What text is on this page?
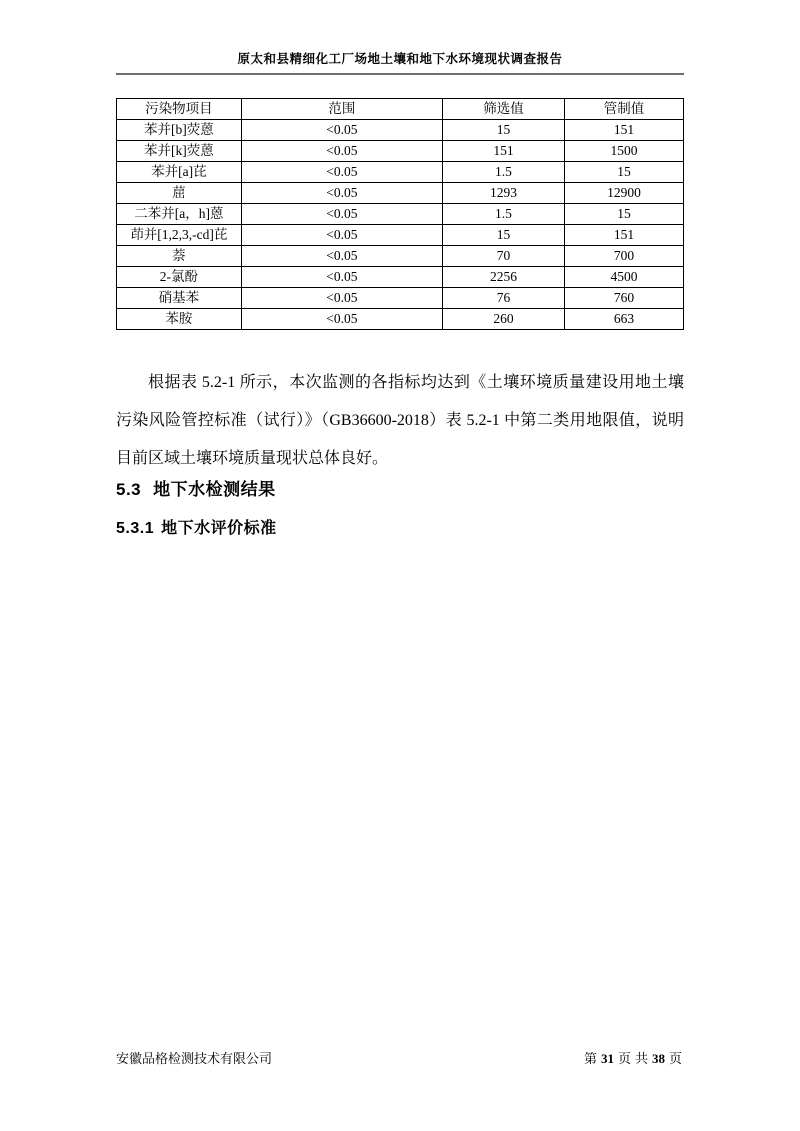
原太和县精细化工厂场地土壤和地下水环境现状调查报告
污染物项目	范围	筛选值	管制值
苯并[b]荧蒽	<0.05	15	151
苯并[k]荧蒽	<0.05	151	1500
苯并[a]芘	<0.05	1.5	15
䓛	<0.05	1293	12900
二苯并[a，h]蒽	<0.05	1.5	15
茚并[1,2,3,-cd]芘	<0.05	15	151
萘	<0.05	70	700
2-氯酚	<0.05	2256	4500
硝基苯	<0.05	76	760
苯胺	<0.05	260	663

根据表 5.2-1 所示，本次监测的各指标均达到《土壤环境质量建设用地土壤污染风险管控标准（试行）》（GB36600-2018）表 5.2-1 中第二类用地限值，说明目前区域土壤环境质量现状总体良好。

5.3 地下水检测结果
5.3.1 地下水评价标准
安徽品格检测技术有限公司	第 31 页 共 38 页
